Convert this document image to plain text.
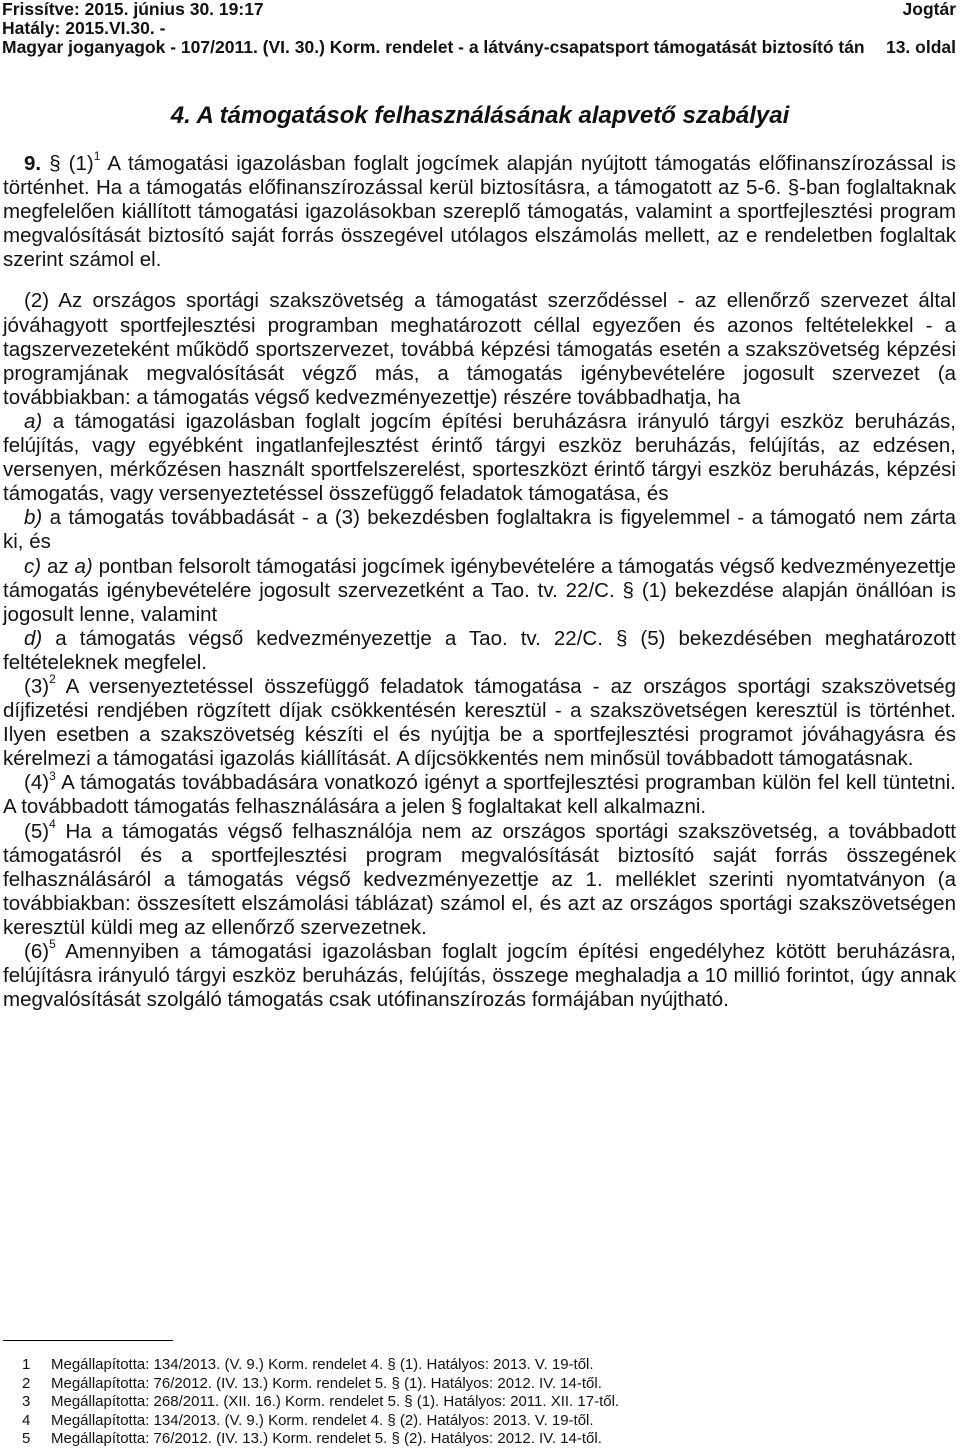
Frissítve: 2015. június 30. 19:17	Jogtár
Hatály: 2015.VI.30. -
Magyar joganyagok - 107/2011. (VI. 30.) Korm. rendelet - a látvány-csapatsport támogatását biztosító tán 13. oldal
4. A támogatások felhasználásának alapvető szabályai

9. § $(1)^1$ A támogatási igazolásban foglalt jogcímek alapján nyújtott támogatás előfinanszírozással is történhet. Ha a támogatás előfinanszírozással kerül biztosításra, a támogatott az 5-6. §-ban foglaltaknak megfelelően kiállított támogatási igazolásokban szereplő támogatás, valamint a sportfejlesztési program megvalósítását biztosító saját forrás összegével utólagos elszámolás mellett, az e rendeletben foglaltak szerint számol el.

(2) Az országos sportági szakszövetség a támogatást szerződéssel - az ellenőrző szervezet által jóváhagyott sportfejlesztési programban meghatározott céllal egyezően és azonos feltételekkel - a tagszervezeteként működő sportszervezet, továbbá képzési támogatás esetén a szakszövetség képzési programjának megvalósítását végző más, a támogatás igénybevételére jogosult szervezet (a továbbiakban: a támogatás végső kedvezményezettje) részére továbbadhatja, ha

a) a támogatási igazolásban foglalt jogcím építési beruházásra irányuló tárgyi eszköz beruházás, felújítás, vagy egyébként ingatlanfejlesztést érintő tárgyi eszköz beruházás, felújítás, az edzésen, versenyen, mérkőzésen használt sportfelszerelést, sporteszközt érintő tárgyi eszköz beruházás, képzési támogatás, vagy versenyeztetéssel összefüggő feladatok támogatása, és

b) a támogatás továbbadását - a (3) bekezdésben foglaltakra is figyelemmel - a támogató nem zárta ki, és

c) az a) pontban felsorolt támogatási jogcímek igénybevételére a támogatás végső kedvezményezettje támogatás igénybevételére jogosult szervezetként a Tao. tv. 22/C. § (1) bekezdése alapján önállóan is jogosult lenne, valamint

d) a támogatás végső kedvezményezettje a Tao. tv. 22/C. § (5) bekezdésében meghatározott feltételeknek megfelel.

$(3)^2$ A versenyeztetéssel összefüggő feladatok támogatása - az országos sportági szakszövetség díjfizetési rendjében rögzített díjak csökkentésén keresztül - a szakszövetségen keresztül is történhet. Ilyen esetben a szakszövetség készíti el és nyújtja be a sportfejlesztési programot jóváhagyásra és kérelmezi a támogatási igazolás kiállítását. A díjcsökkentés nem minősül továbbadott támogatásnak.

$(4)^3$ A támogatás továbbadására vonatkozó igényt a sportfejlesztési programban külön fel kell tüntetni. A továbbadott támogatás felhasználására a jelen § foglaltakat kell alkalmazni.

$(5)^4$ Ha a támogatás végső felhasználója nem az országos sportági szakszövetség, a továbbadott támogatásról és a sportfejlesztési program megvalósítását biztosító saját forrás összegének felhasználásáról a támogatás végső kedvezményezettje az 1. melléklet szerinti nyomtatványon (a továbbiakban: összesített elszámolási táblázat) számol el, és azt az országos sportági szakszövetségen keresztül küldi meg az ellenőrző szervezetnek.

$(6)^5$ Amennyiben a támogatási igazolásban foglalt jogcím építési engedélyhez kötött beruházásra, felújításra irányuló tárgyi eszköz beruházás, felújítás, összege meghaladja a 10 millió forintot, úgy annak megvalósítását szolgáló támogatás csak utófinanszírozás formájában nyújtható.

1	Megállapította: 134/2013. (V. 9.) Korm. rendelet 4. § (1). Hatályos: 2013. V. 19-től.
2	Megállapította: 76/2012. (IV. 13.) Korm. rendelet 5. § (1). Hatályos: 2012. IV. 14-től.
3	Megállapította: 268/2011. (XII. 16.) Korm. rendelet 5. § (1). Hatályos: 2011. XII. 17-től.
4	Megállapította: 134/2013. (V. 9.) Korm. rendelet 4. § (2). Hatályos: 2013. V. 19-től.
5	Megállapította: 76/2012. (IV. 13.) Korm. rendelet 5. § (2). Hatályos: 2012. IV. 14-től.
